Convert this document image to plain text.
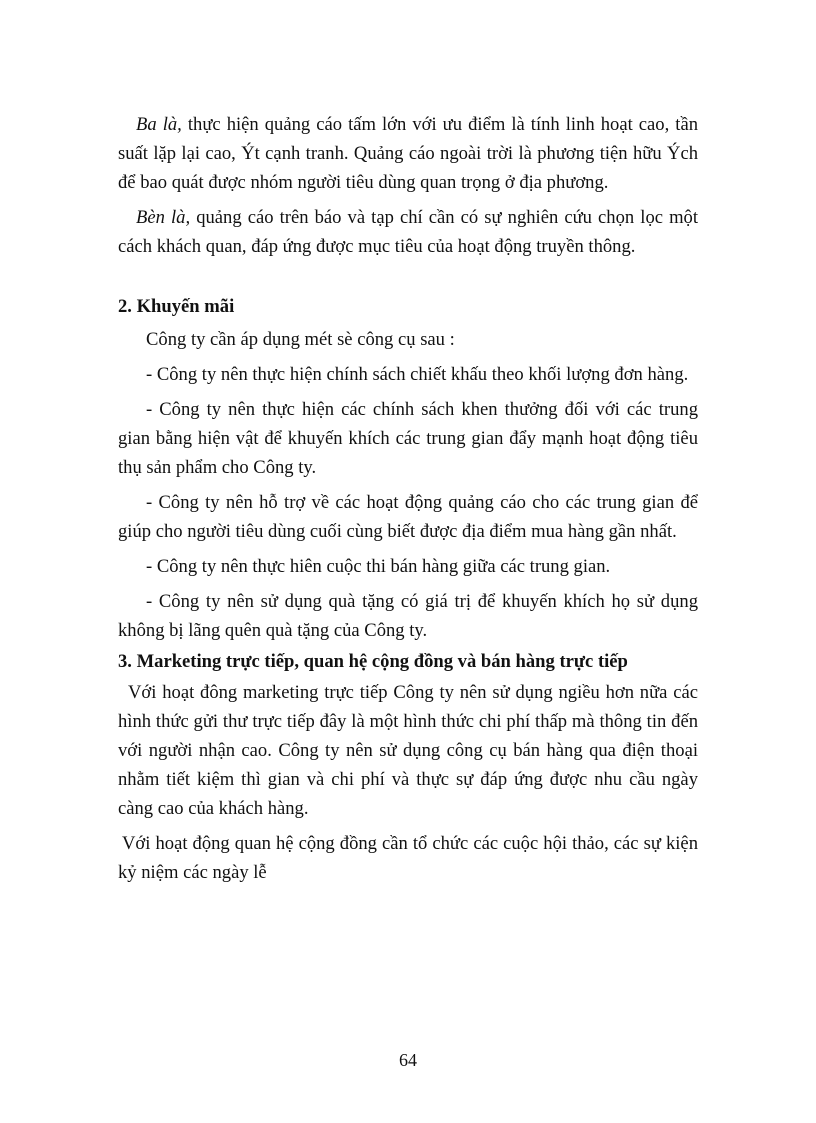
Ba là, thực hiện quảng cáo tấm lớn với ưu điểm là tính linh hoạt cao, tần suất lặp lại cao, Ýt cạnh tranh. Quảng cáo ngoài trời là phương tiện hữu Ých để bao quát được nhóm người tiêu dùng quan trọng ở địa phương.

Bèn là, quảng cáo trên báo và tạp chí cần có sự nghiên cứu chọn lọc một cách khách quan, đáp ứng được mục tiêu của hoạt động truyền thông.

2. Khuyến mãi

Công ty cần áp dụng mét sè công cụ sau :

- Công ty nên thực hiện chính sách chiết khấu theo khối lượng đơn hàng.

- Công ty nên thực hiện các chính sách khen thưởng đối với các trung gian bằng hiện vật để khuyến khích các trung gian đẩy mạnh hoạt động tiêu thụ sản phẩm cho Công ty.

- Công ty nên hỗ trợ về các hoạt động quảng cáo cho các trung gian để giúp cho người tiêu dùng cuối cùng biết được địa điểm mua hàng gần nhất.

- Công ty nên thực hiên cuộc thi bán hàng giữa các trung gian.

- Công ty nên sử dụng quà tặng có giá trị để khuyến khích họ sử dụng không bị lãng quên quà tặng của Công ty.

3. Marketing trực tiếp, quan hệ cộng đồng và bán hàng trực tiếp

Với hoạt đông marketing trực tiếp Công ty nên sử dụng ngiều hơn nữa các hình thức gửi thư trực tiếp đây là một hình thức chi phí thấp mà thông tin đến với người nhận cao. Công ty nên sử dụng công cụ bán hàng qua điện thoại nhằm tiết kiệm thì gian và chi phí và thực sự đáp ứng được nhu cầu ngày càng cao của khách hàng.

Với hoạt động quan hệ cộng đồng cần tổ chức các cuộc hội thảo, các sự kiện kỷ niệm các ngày lễ

64
